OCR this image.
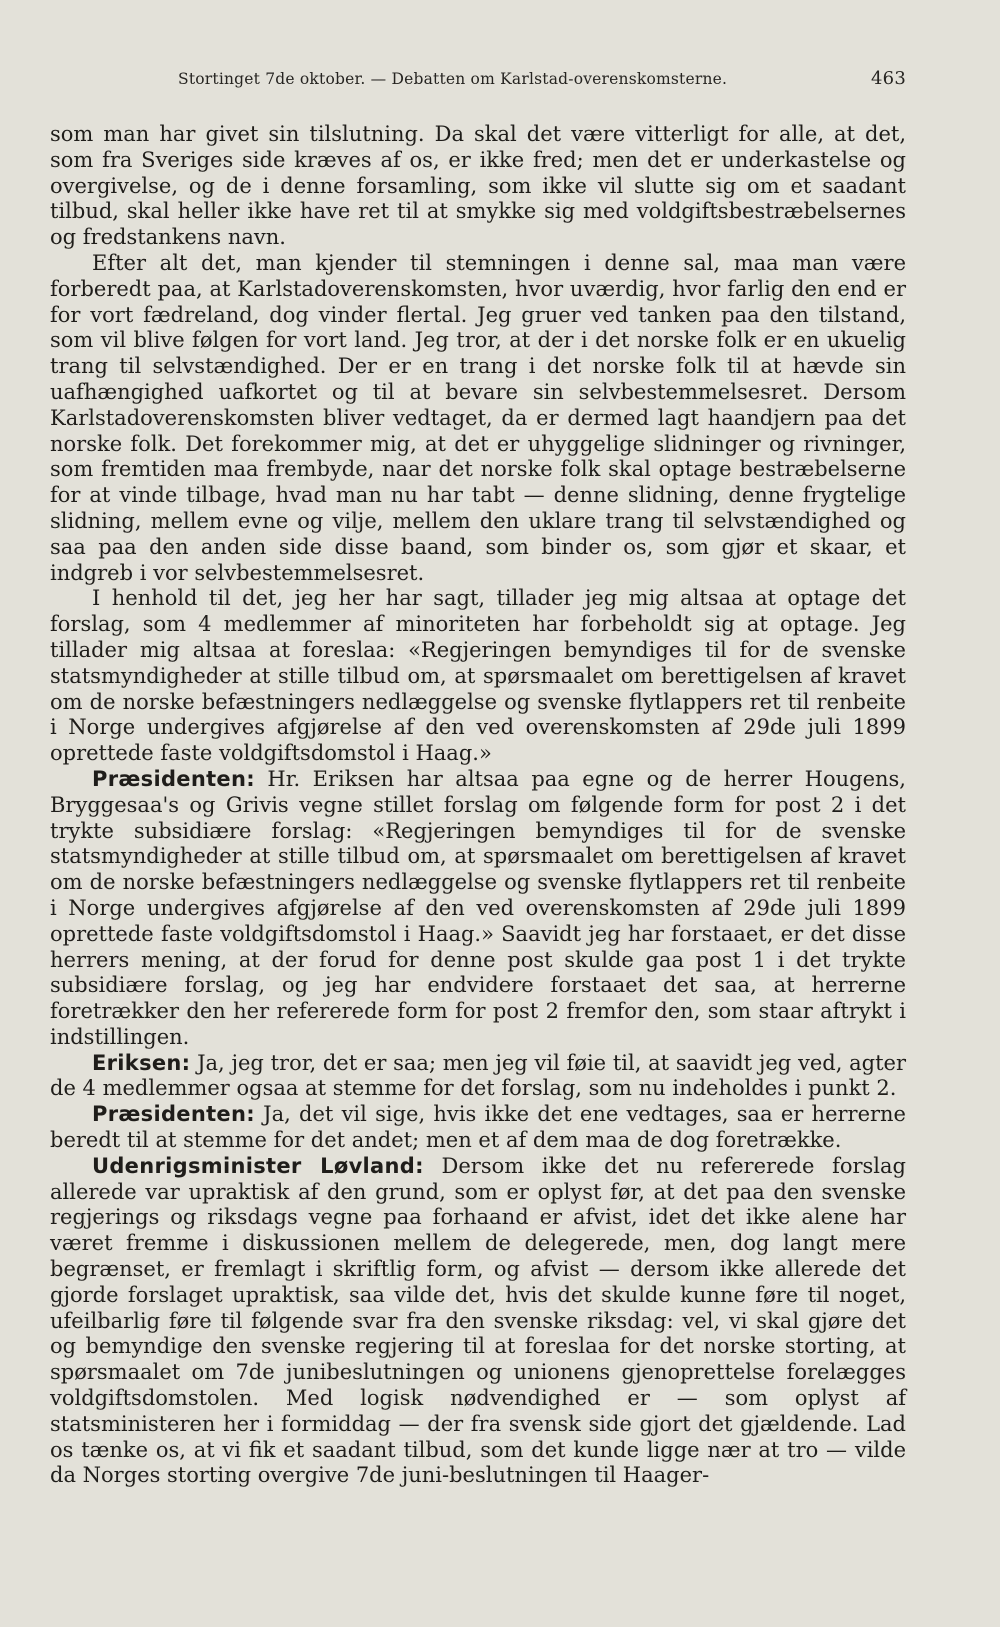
Stortinget 7de oktober. — Debatten om Karlstad-overenskomsterne.	463

som man har givet sin tilslutning. Da skal det være vitterligt for alle, at det, som fra Sveriges side kræves af os, er ikke fred; men det er underkastelse og overgivelse, og de i denne forsamling, som ikke vil slutte sig om et saadant tilbud, skal heller ikke have ret til at smykke sig med voldgiftsbestræbelsernes og fredstankens navn.

Efter alt det, man kjender til stemningen i denne sal, maa man være forberedt paa, at Karlstadoverenskomsten, hvor uværdig, hvor farlig den end er for vort fædreland, dog vinder flertal. Jeg gruer ved tanken paa den tilstand, som vil blive følgen for vort land. Jeg tror, at der i det norske folk er en ukuelig trang til selvstændighed. Der er en trang i det norske folk til at hævde sin uafhængighed uafkortet og til at bevare sin selvbestemmelsesret. Dersom Karlstadoverenskomsten bliver vedtaget, da er dermed lagt haandjern paa det norske folk. Det forekommer mig, at det er uhyggelige slidninger og rivninger, som fremtiden maa frembyde, naar det norske folk skal optage bestræbelserne for at vinde tilbage, hvad man nu har tabt — denne slidning, denne frygtelige slidning, mellem evne og vilje, mellem den uklare trang til selvstændighed og saa paa den anden side disse baand, som binder os, som gjør et skaar, et indgreb i vor selvbestemmelsesret.

I henhold til det, jeg her har sagt, tillader jeg mig altsaa at optage det forslag, som 4 medlemmer af minoriteten har forbeholdt sig at optage. Jeg tillader mig altsaa at foreslaa: «Regjeringen bemyndiges til for de svenske statsmyndigheder at stille tilbud om, at spørsmaalet om berettigelsen af kravet om de norske befæstningers nedlæggelse og svenske flytlappers ret til renbeite i Norge undergives afgjørelse af den ved overenskomsten af 29de juli 1899 oprettede faste voldgiftsdomstol i Haag.»

Præsidenten: Hr. Eriksen har altsaa paa egne og de herrer Hougens, Bryggesaa's og Grivis vegne stillet forslag om følgende form for post 2 i det trykte subsidiære forslag: «Regjeringen bemyndiges til for de svenske statsmyndigheder at stille tilbud om, at spørsmaalet om berettigelsen af kravet om de norske befæstningers nedlæggelse og svenske flytlappers ret til renbeite i Norge undergives afgjørelse af den ved overenskomsten af 29de juli 1899 oprettede faste voldgiftsdomstol i Haag.» Saavidt jeg har forstaaet, er det disse herrers mening, at der forud for denne post skulde gaa post 1 i det trykte subsidiære forslag, og jeg har endvidere forstaaet det saa, at herrerne foretrækker den her refererede form for post 2 fremfor den, som staar aftrykt i indstillingen.

Eriksen: Ja, jeg tror, det er saa; men jeg vil føie til, at saavidt jeg ved, agter de 4 medlemmer ogsaa at stemme for det forslag, som nu indeholdes i punkt 2.

Præsidenten: Ja, det vil sige, hvis ikke det ene vedtages, saa er herrerne beredt til at stemme for det andet; men et af dem maa de dog foretrække.

Udenrigsminister Løvland: Dersom ikke det nu refererede forslag allerede var upraktisk af den grund, som er oplyst før, at det paa den svenske regjerings og riksdags vegne paa forhaand er afvist, idet det ikke alene har været fremme i diskussionen mellem de delegerede, men, dog langt mere begrænset, er fremlagt i skriftlig form, og afvist — dersom ikke allerede det gjorde forslaget upraktisk, saa vilde det, hvis det skulde kunne føre til noget, ufeilbarlig føre til følgende svar fra den svenske riksdag: vel, vi skal gjøre det og bemyndige den svenske regjering til at foreslaa for det norske storting, at spørsmaalet om 7de junibeslutningen og unionens gjenoprettelse forelægges voldgiftsdomstolen. Med logisk nødvendighed er — som oplyst af statsministeren her i formiddag — der fra svensk side gjort det gjældende. Lad os tænke os, at vi fik et saadant tilbud, som det kunde ligge nær at tro — vilde da Norges storting overgive 7de juni-beslutningen til Haager-
